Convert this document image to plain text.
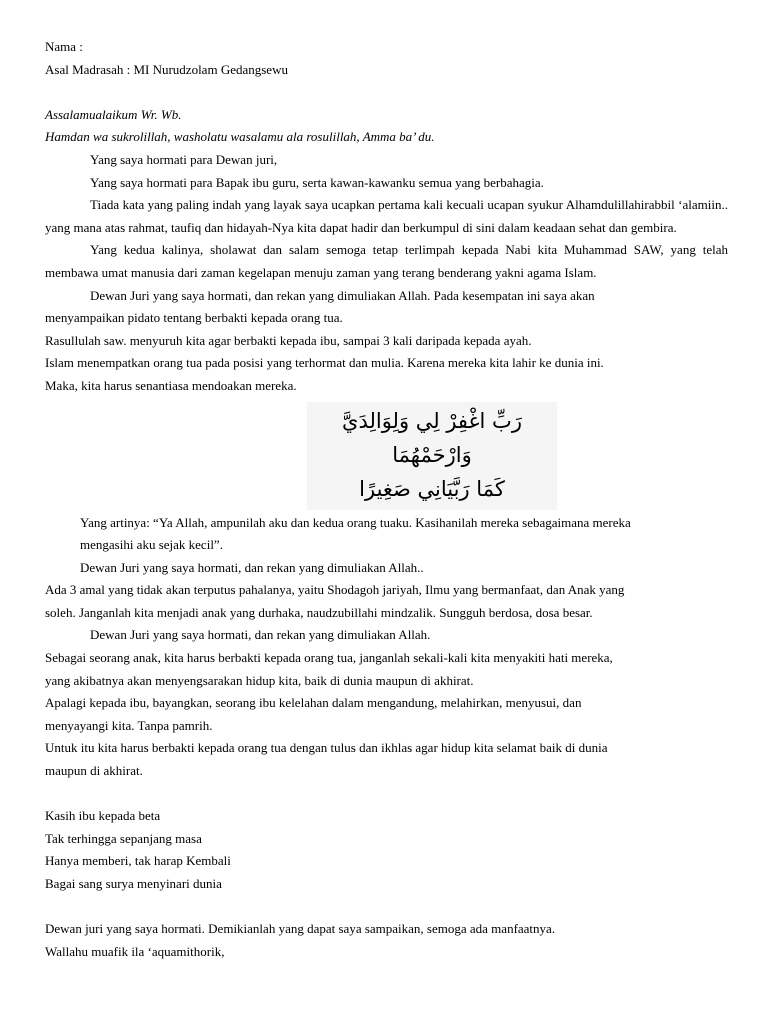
Nama :

Asal Madrasah : MI Nurudzolam Gedangsewu

Assalamualaikum Wr. Wb.

Hamdan wa sukrolillah, washolatu wasalamu ala rosulillah, Amma ba’ du.

Yang saya hormati para Dewan juri,

Yang saya hormati para Bapak ibu guru, serta kawan-kawanku semua yang berbahagia.

Tiada kata yang paling indah yang layak saya ucapkan pertama kali kecuali ucapan syukur Alhamdulillahirabbil ‘alamiin.. yang mana atas rahmat, taufiq dan hidayah-Nya kita dapat hadir dan berkumpul di sini dalam keadaan sehat dan gembira.

Yang kedua kalinya, sholawat dan salam semoga tetap terlimpah kepada Nabi kita Muhammad SAW, yang telah membawa umat manusia dari zaman kegelapan menuju zaman yang terang benderang yakni agama Islam.

Dewan Juri yang saya hormati, dan rekan yang dimuliakan Allah. Pada kesempatan ini saya akan

menyampaikan pidato tentang berbakti kepada orang tua.

Rasullulah saw. menyuruh kita agar berbakti kepada ibu, sampai 3 kali daripada kepada ayah.

Islam menempatkan orang tua pada posisi yang terhormat dan mulia. Karena mereka kita lahir ke dunia ini.

Maka, kita harus senantiasa mendoakan mereka.

رَبِّ اغْفِرْ لِي وَلِوَالِدَيَّ وَارْحَمْهُمَا
كَمَا رَبَّيَانِي صَغِيرًا

Yang artinya: “Ya Allah, ampunilah aku dan kedua orang tuaku. Kasihanilah mereka sebagaimana mereka

mengasihi aku sejak kecil”.

Dewan Juri yang saya hormati, dan rekan yang dimuliakan Allah..

Ada 3 amal yang tidak akan terputus pahalanya, yaitu Shodagoh jariyah, Ilmu yang bermanfaat, dan Anak yang

soleh. Janganlah kita menjadi anak yang durhaka, naudzubillahi mindzalik. Sungguh berdosa, dosa besar.

Dewan Juri yang saya hormati, dan rekan yang dimuliakan Allah.

Sebagai seorang anak, kita harus berbakti kepada orang tua, janganlah sekali-kali kita menyakiti hati mereka,

yang akibatnya akan menyengsarakan hidup kita, baik di dunia maupun di akhirat.

Apalagi kepada ibu, bayangkan, seorang ibu kelelahan dalam mengandung, melahirkan, menyusui, dan

menyayangi kita. Tanpa pamrih.

Untuk itu kita harus berbakti kepada orang tua dengan tulus dan ikhlas agar hidup kita selamat baik di dunia

maupun di akhirat.

Kasih ibu kepada beta

Tak terhingga sepanjang masa

Hanya memberi, tak harap Kembali

Bagai sang surya menyinari dunia

Dewan juri yang saya hormati. Demikianlah yang dapat saya sampaikan, semoga ada manfaatnya.

Wallahu muafik ila ‘aquamithorik,
